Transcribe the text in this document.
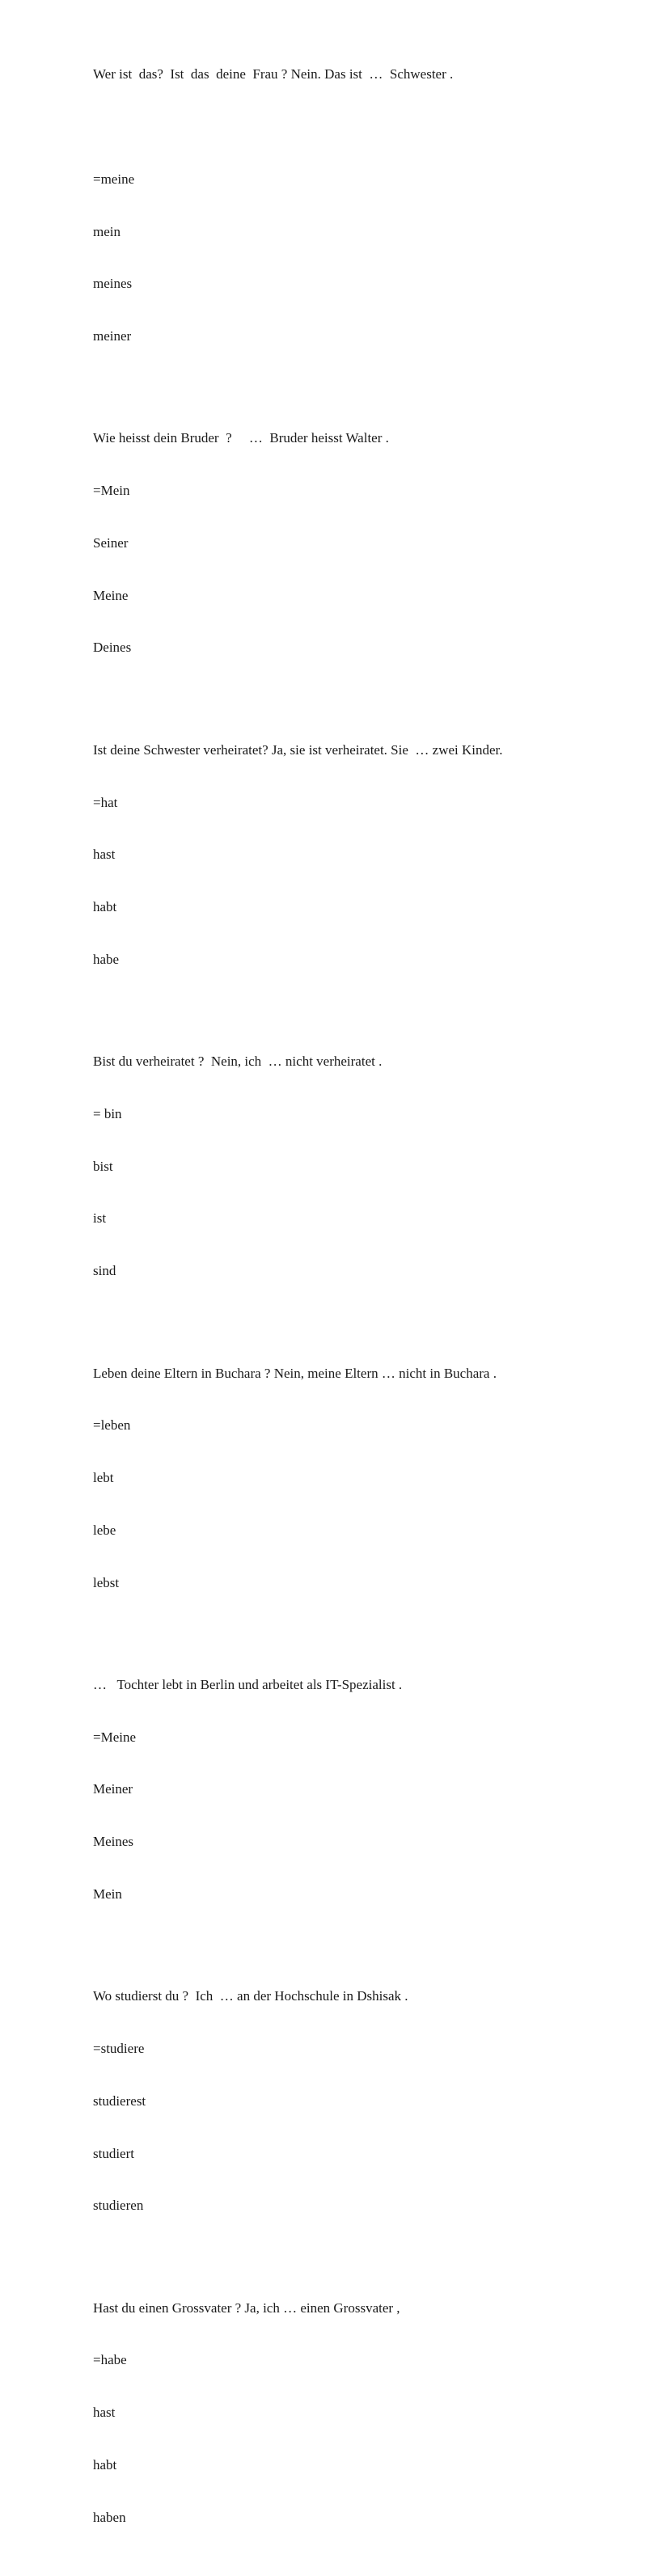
Wer ist  das?  Ist  das  deine  Frau ? Nein. Das ist  …  Schwester .

=meine

mein

meines

meiner

Wie heisst dein Bruder  ?     …  Bruder heisst Walter .

=Mein

Seiner

Meine

Deines

Ist deine Schwester verheiratet? Ja, sie ist verheiratet. Sie  … zwei Kinder.

=hat

hast

habt

habe

Bist du verheiratet ?  Nein, ich  … nicht verheiratet .

= bin

bist

ist

sind

Leben deine Eltern in Buchara ? Nein, meine Eltern … nicht in Buchara .

=leben

lebt

lebe

lebst

…   Tochter lebt in Berlin und arbeitet als IT-Spezialist .

=Meine

Meiner

Meines

Mein

Wo studierst du ?  Ich  … an der Hochschule in Dshisak .

=studiere

studierest

studiert

studieren

Hast du einen Grossvater ? Ja, ich … einen Grossvater ,

=habe

hast

habt

haben
